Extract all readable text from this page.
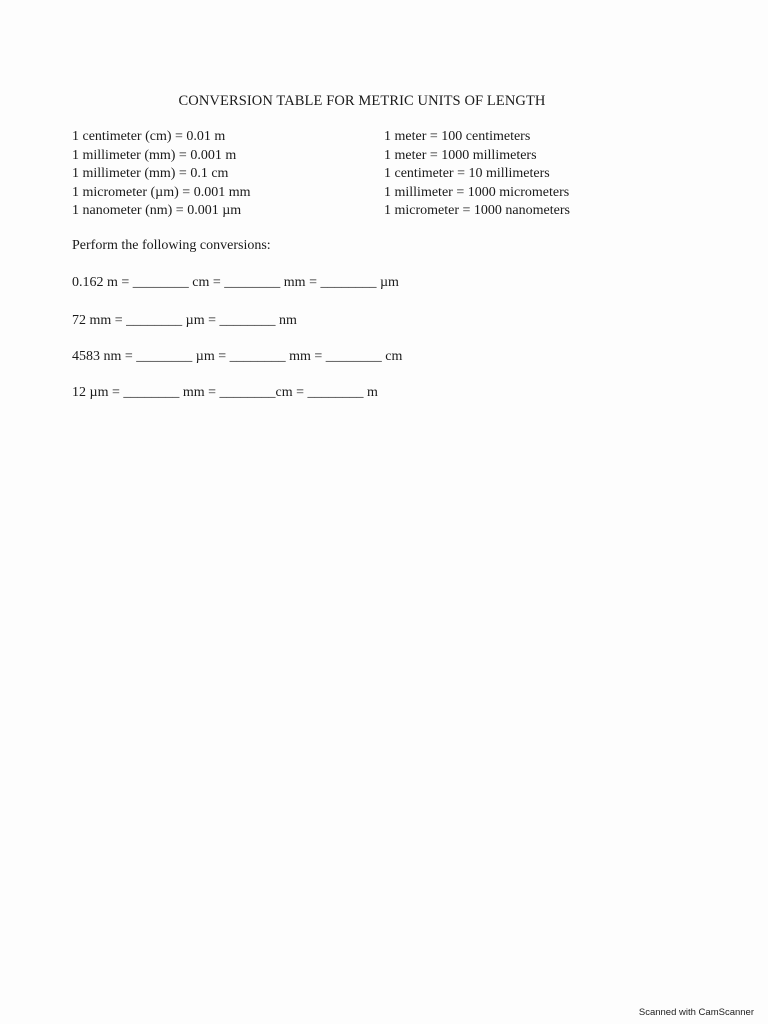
CONVERSION TABLE FOR METRIC UNITS OF LENGTH
1 centimeter (cm) = 0.01 m
1 millimeter (mm) = 0.001 m
1 millimeter (mm) = 0.1 cm
1 micrometer (µm) = 0.001 mm
1 nanometer (nm) = 0.001 µm
1 meter = 100 centimeters
1 meter = 1000 millimeters
1 centimeter = 10 millimeters
1 millimeter = 1000 micrometers
1 micrometer = 1000 nanometers
Perform the following conversions:
0.162 m = ________ cm = ________ mm = ________ µm
72 mm = ________ µm = ________ nm
4583 nm = ________ µm = ________ mm = ________ cm
12 µm = ________ mm = ________cm = ________ m
Scanned with CamScanner
